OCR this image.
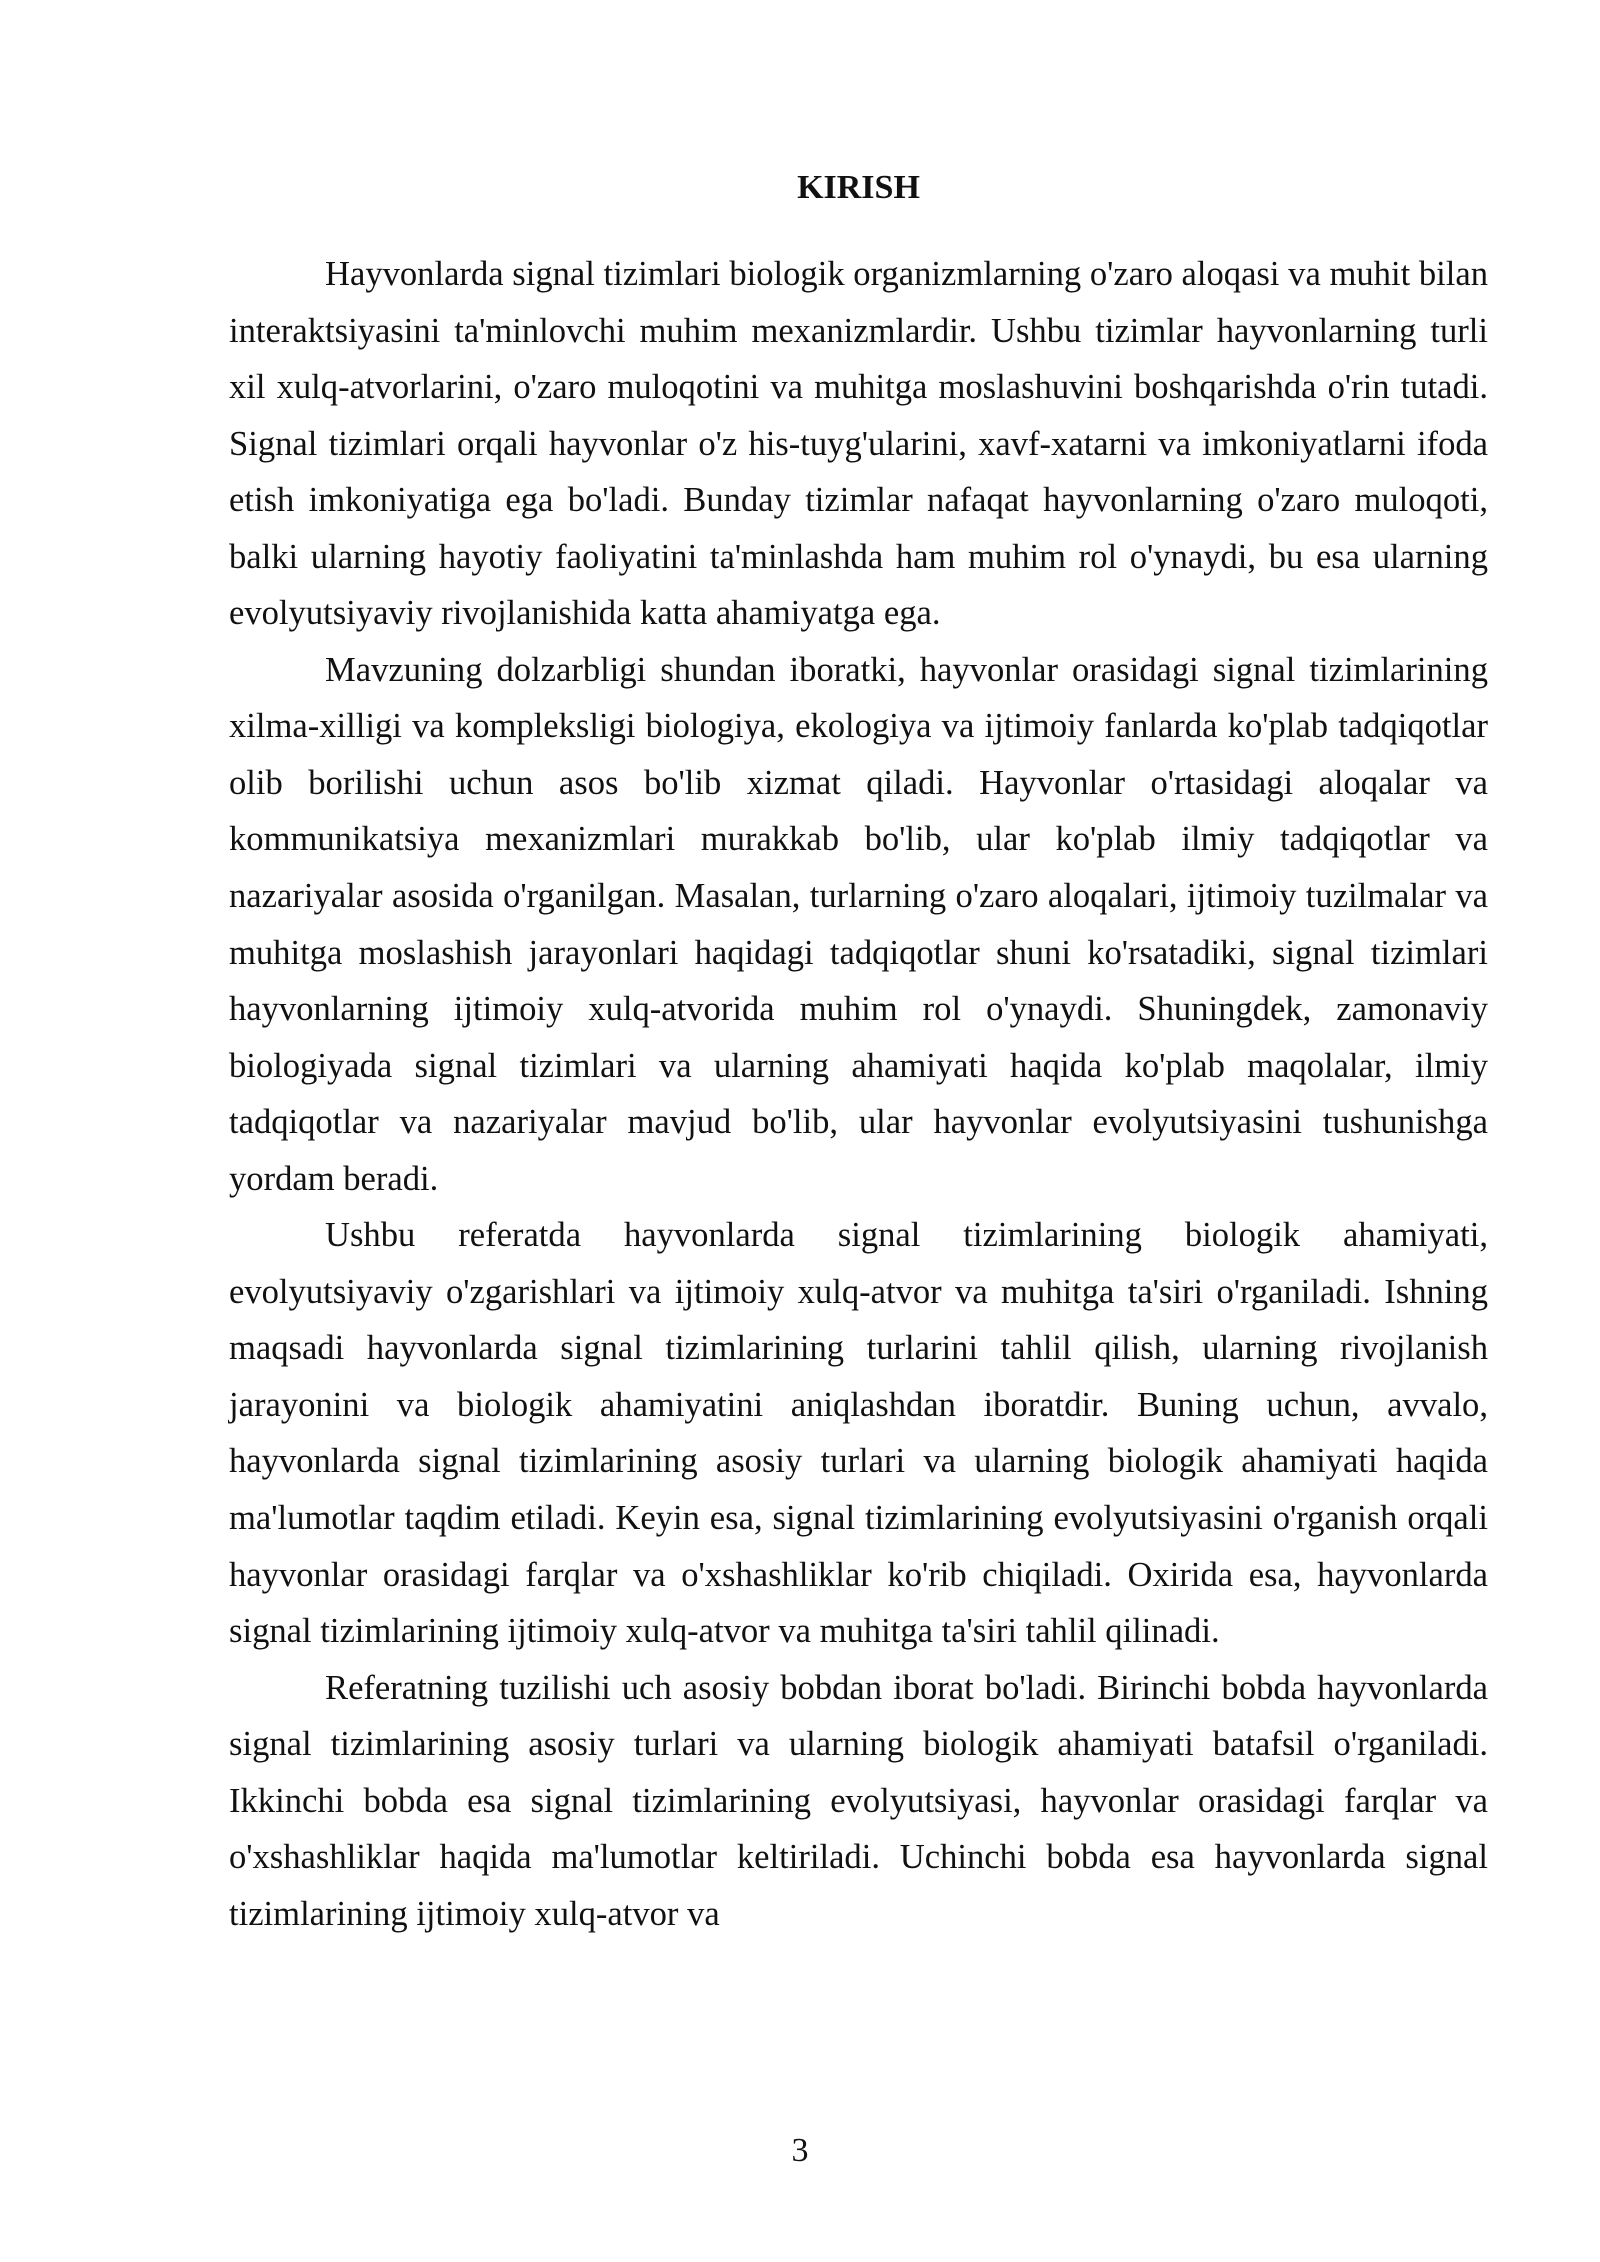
KIRISH

Hayvonlarda signal tizimlari biologik organizmlarning o'zaro aloqasi va muhit bilan interaktsiyasini ta'minlovchi muhim mexanizmlardir. Ushbu tizimlar hayvonlarning turli xil xulq-atvorlarini, o'zaro muloqotini va muhitga moslashuvini boshqarishda o'rin tutadi. Signal tizimlari orqali hayvonlar o'z his-tuyg'ularini, xavf-xatarni va imkoniyatlarni ifoda etish imkoniyatiga ega bo'ladi. Bunday tizimlar nafaqat hayvonlarning o'zaro muloqoti, balki ularning hayotiy faoliyatini ta'minlashda ham muhim rol o'ynaydi, bu esa ularning evolyutsiyaviy rivojlanishida katta ahamiyatga ega.

Mavzuning dolzarbligi shundan iboratki, hayvonlar orasidagi signal tizimlarining xilma-xilligi va kompleksligi biologiya, ekologiya va ijtimoiy fanlarda ko'plab tadqiqotlar olib borilishi uchun asos bo'lib xizmat qiladi. Hayvonlar o'rtasidagi aloqalar va kommunikatsiya mexanizmlari murakkab bo'lib, ular ko'plab ilmiy tadqiqotlar va nazariyalar asosida o'rganilgan. Masalan, turlarning o'zaro aloqalari, ijtimoiy tuzilmalar va muhitga moslashish jarayonlari haqidagi tadqiqotlar shuni ko'rsatadiki, signal tizimlari hayvonlarning ijtimoiy xulq-atvorida muhim rol o'ynaydi. Shuningdek, zamonaviy biologiyada signal tizimlari va ularning ahamiyati haqida ko'plab maqolalar, ilmiy tadqiqotlar va nazariyalar mavjud bo'lib, ular hayvonlar evolyutsiyasini tushunishga yordam beradi.

Ushbu referatda hayvonlarda signal tizimlarining biologik ahamiyati, evolyutsiyaviy o'zgarishlari va ijtimoiy xulq-atvor va muhitga ta'siri o'rganiladi. Ishning maqsadi hayvonlarda signal tizimlarining turlarini tahlil qilish, ularning rivojlanish jarayonini va biologik ahamiyatini aniqlashdan iboratdir. Buning uchun, avvalo, hayvonlarda signal tizimlarining asosiy turlari va ularning biologik ahamiyati haqida ma'lumotlar taqdim etiladi. Keyin esa, signal tizimlarining evolyutsiyasini o'rganish orqali hayvonlar orasidagi farqlar va o'xshashliklar ko'rib chiqiladi. Oxirida esa, hayvonlarda signal tizimlarining ijtimoiy xulq-atvor va muhitga ta'siri tahlil qilinadi.

Referatning tuzilishi uch asosiy bobdan iborat bo'ladi. Birinchi bobda hayvonlarda signal tizimlarining asosiy turlari va ularning biologik ahamiyati batafsil o'rganiladi. Ikkinchi bobda esa signal tizimlarining evolyutsiyasi, hayvonlar orasidagi farqlar va o'xshashliklar haqida ma'lumotlar keltiriladi. Uchinchi bobda esa hayvonlarda signal tizimlarining ijtimoiy xulq-atvor va

3
